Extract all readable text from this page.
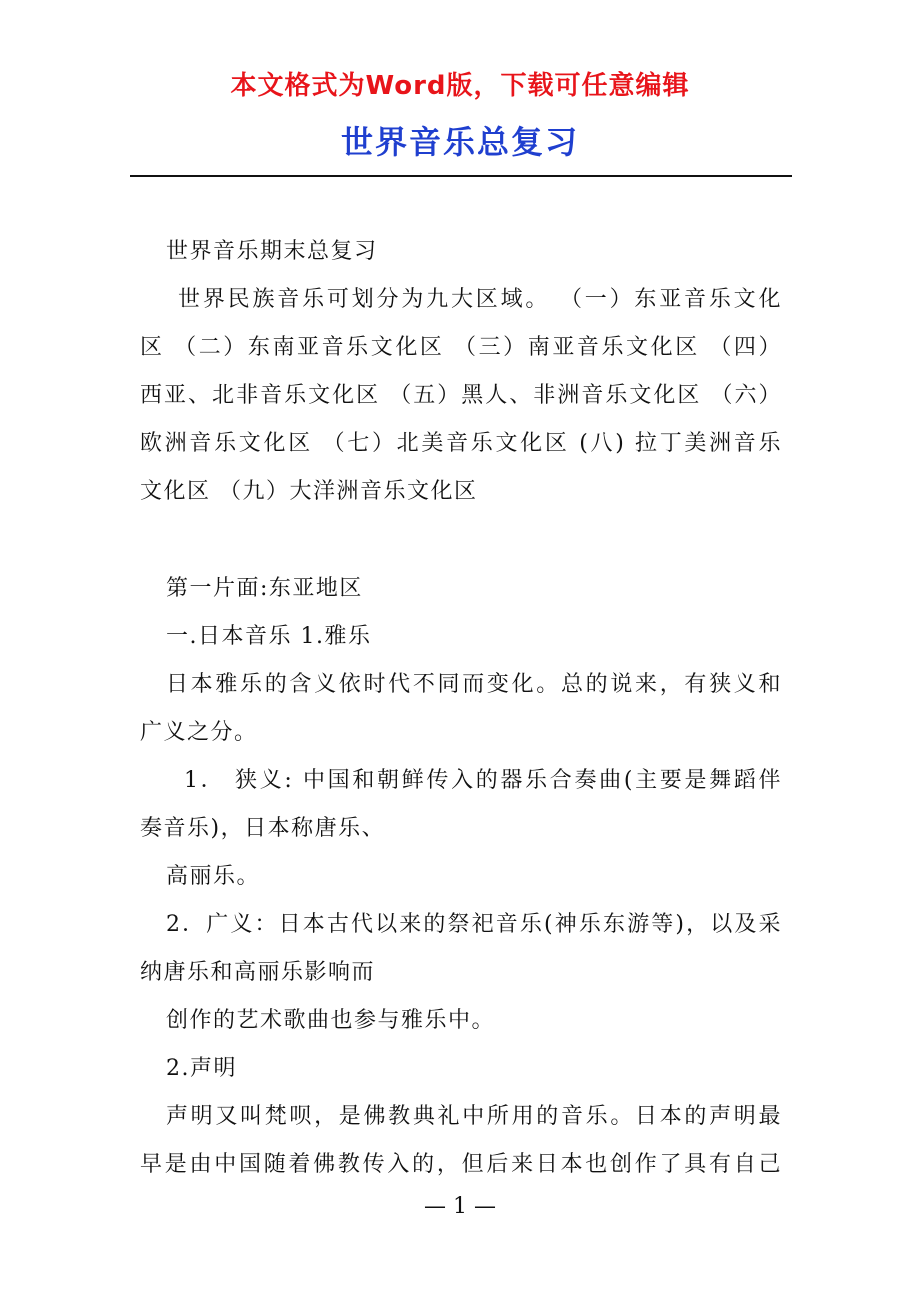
本文格式为Word版，下载可任意编辑
世界音乐总复习
世界音乐期末总复习
世界民族音乐可划分为九大区域。 （一）东亚音乐文化
区 （二）东南亚音乐文化区 （三）南亚音乐文化区 （四）
西亚、北非音乐文化区 （五）黑人、非洲音乐文化区 （六）
欧洲音乐文化区 （七）北美音乐文化区 (八) 拉丁美洲音乐
文化区 （九）大洋洲音乐文化区
第一片面:东亚地区
一.日本音乐 1.雅乐
日本雅乐的含义依时代不同而变化。总的说来，有狭义和
广义之分。
1． 狭义: 中国和朝鲜传入的器乐合奏曲(主要是舞蹈伴
奏音乐)，日本称唐乐、
高丽乐。
2．广义：日本古代以来的祭祀音乐(神乐东游等)，以及采
纳唐乐和高丽乐影响而
创作的艺术歌曲也参与雅乐中。
2.声明
声明又叫梵呗，是佛教典礼中所用的音乐。日本的声明最
早是由中国随着佛教传入的，但后来日本也创作了具有自己
— 1 —
